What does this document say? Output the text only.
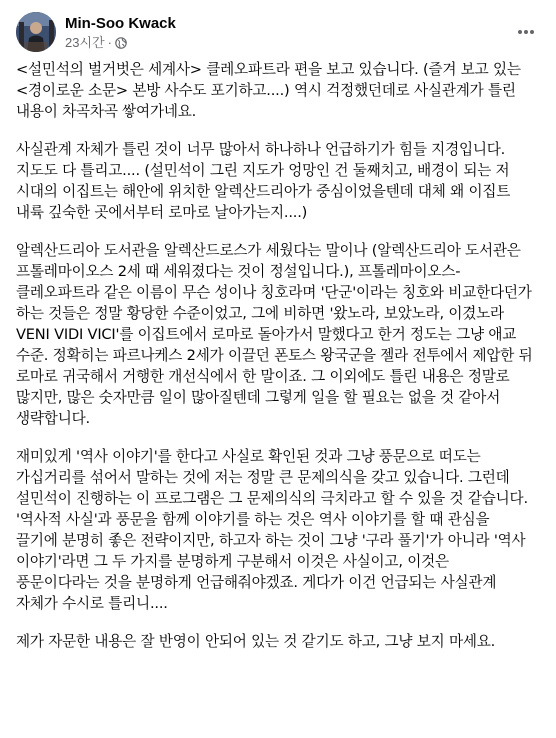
Min-Soo Kwack
23시간 ·

<설민석의 벌거벗은 세계사> 클레오파트라 편을 보고 있습니다. (즐겨 보고 있는 <경이로운 소문> 본방 사수도 포기하고....) 역시 걱정했던데로 사실관계가 틀린 내용이 차곡차곡 쌓여가네요.

사실관계 자체가 틀린 것이 너무 많아서 하나하나 언급하기가 힘들 지경입니다. 지도도 다 틀리고.... (설민석이 그린 지도가 엉망인 건 둘째치고, 배경이 되는 저 시대의 이집트는 해안에 위치한 알렉산드리아가 중심이었을텐데 대체 왜 이집트 내륙 깊숙한 곳에서부터 로마로 날아가는지....)

알렉산드리아 도서관을 알렉산드로스가 세웠다는 말이나 (알렉산드리아 도서관은 프톨레마이오스 2세 때 세워졌다는 것이 정설입니다.), 프톨레마이오스-클레오파트라 같은 이름이 무슨 성이나 칭호라며 '단군'이라는 칭호와 비교한다던가 하는 것들은 정말 황당한 수준이었고, 그에 비하면 '왔노라, 보았노라, 이겼노라 VENI VIDI VICI'를 이집트에서 로마로 돌아가서 말했다고 한거 정도는 그냥 애교 수준. 정확히는 파르나케스 2세가 이끌던 폰토스 왕국군을 젤라 전투에서 제압한 뒤 로마로 귀국해서 거행한 개선식에서 한 말이죠. 그 이외에도 틀린 내용은 정말로 많지만, 많은 숫자만큼 일이 많아질텐데 그렇게 일을 할 필요는 없을 것 같아서 생략합니다.

재미있게 '역사 이야기'를 한다고 사실로 확인된 것과 그냥 풍문으로 떠도는 가십거리를 섞어서 말하는 것에 저는 정말 큰 문제의식을 갖고 있습니다. 그런데 설민석이 진행하는 이 프로그램은 그 문제의식의 극치라고 할 수 있을 것 같습니다. '역사적 사실'과 풍문을 함께 이야기를 하는 것은 역사 이야기를 할 때 관심을 끌기에 분명히 좋은 전략이지만, 하고자 하는 것이 그냥 '구라 풀기'가 아니라 '역사 이야기'라면 그 두 가지를 분명하게 구분해서 이것은 사실이고, 이것은 풍문이다라는 것을 분명하게 언급해줘야겠죠. 게다가 이건 언급되는 사실관계 자체가 수시로 틀리니....

제가 자문한 내용은 잘 반영이 안되어 있는 것 같기도 하고, 그냥 보지 마세요.
